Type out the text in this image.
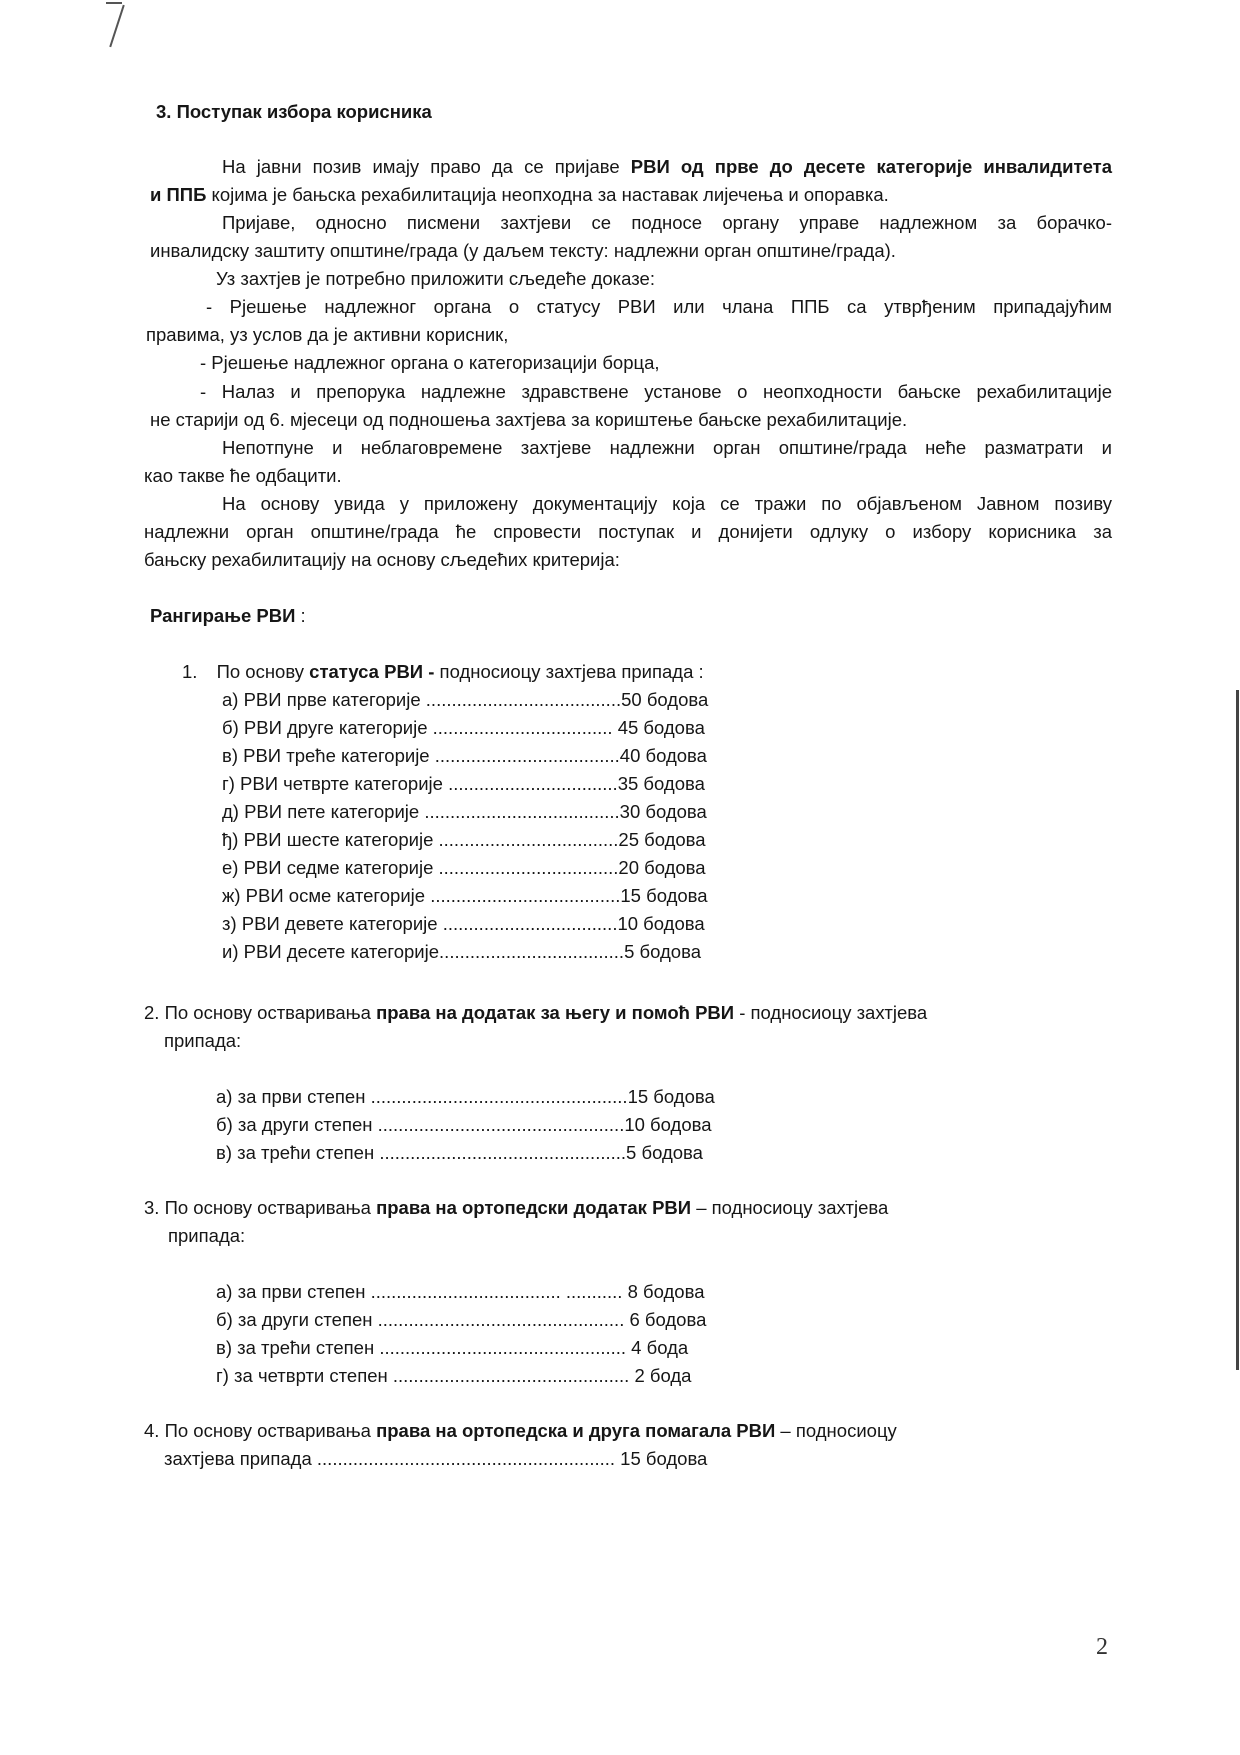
3. Поступак избора корисника
На јавни позив имају право да се пријаве РВИ од прве до десете категорије инвалидитета
и ППБ којима је бањска рехабилитација неопходна за наставак лијечења и опоравка.
Пријаве, односно писмени захтјеви се подносе органу управе надлежном за борачко-
инвалидску заштиту општине/града (у даљем тексту: надлежни орган општине/града).
Уз захтјев је потребно приложити сљедеће доказе:
- Рјешење надлежног органа о статусу РВИ или члана ППБ са утврђеним припадајућим
правима, уз услов да је активни корисник,
- Рјешење надлежног органа о категоризацији борца,
- Налаз и препорука надлежне здравствене установе о неопходности бањске рехабилитације
не старији од 6. мјесеци од подношења захтјева за кориштење бањске рехабилитације.
Непотпуне и неблаговремене захтјеве надлежни орган општине/града неће разматрати и
као такве ће одбацити.
На основу увида у приложену документацију која се тражи по објављеном Јавном позиву
надлежни орган општине/града ће спровести поступак и донијети одлуку о избору корисника за
бањску рехабилитацију на основу сљедећих критерија:
Рангирање РВИ :
1. По основу статуса РВИ - подносиоцу захтјева припада :
а) РВИ прве категорије ......................................50 бодова
б) РВИ друге категорије ................................... 45 бодова
в) РВИ треће категорије ....................................40 бодова
г) РВИ четврте категорије .................................35 бодова
д) РВИ пете категорије ......................................30 бодова
ђ) РВИ шесте категорије ...................................25 бодова
е) РВИ седме категорије ...................................20 бодова
ж) РВИ осме категорије .....................................15 бодова
з) РВИ девете категорије ..................................10 бодова
и) РВИ десете категорије....................................5 бодова
2. По основу остваривања права на додатак за његу и помоћ РВИ - подносиоцу захтјева
припада:
а) за први степен ..................................................15 бодова
б) за други степен ................................................10 бодова
в) за трећи степен ................................................5 бодова
3. По основу остваривања права на ортопедски додатак РВИ – подносиоцу захтјева
припада:
а) за први степен ..................................... ........... 8 бодова
б) за други степен ................................................ 6 бодова
в) за трећи степен ................................................ 4 бода
г) за четврти степен .............................................. 2 бода
4. По основу остваривања права на ортопедска и друга помагала РВИ – подносиоцу
захтјева припада .......................................................... 15 бодова
2
